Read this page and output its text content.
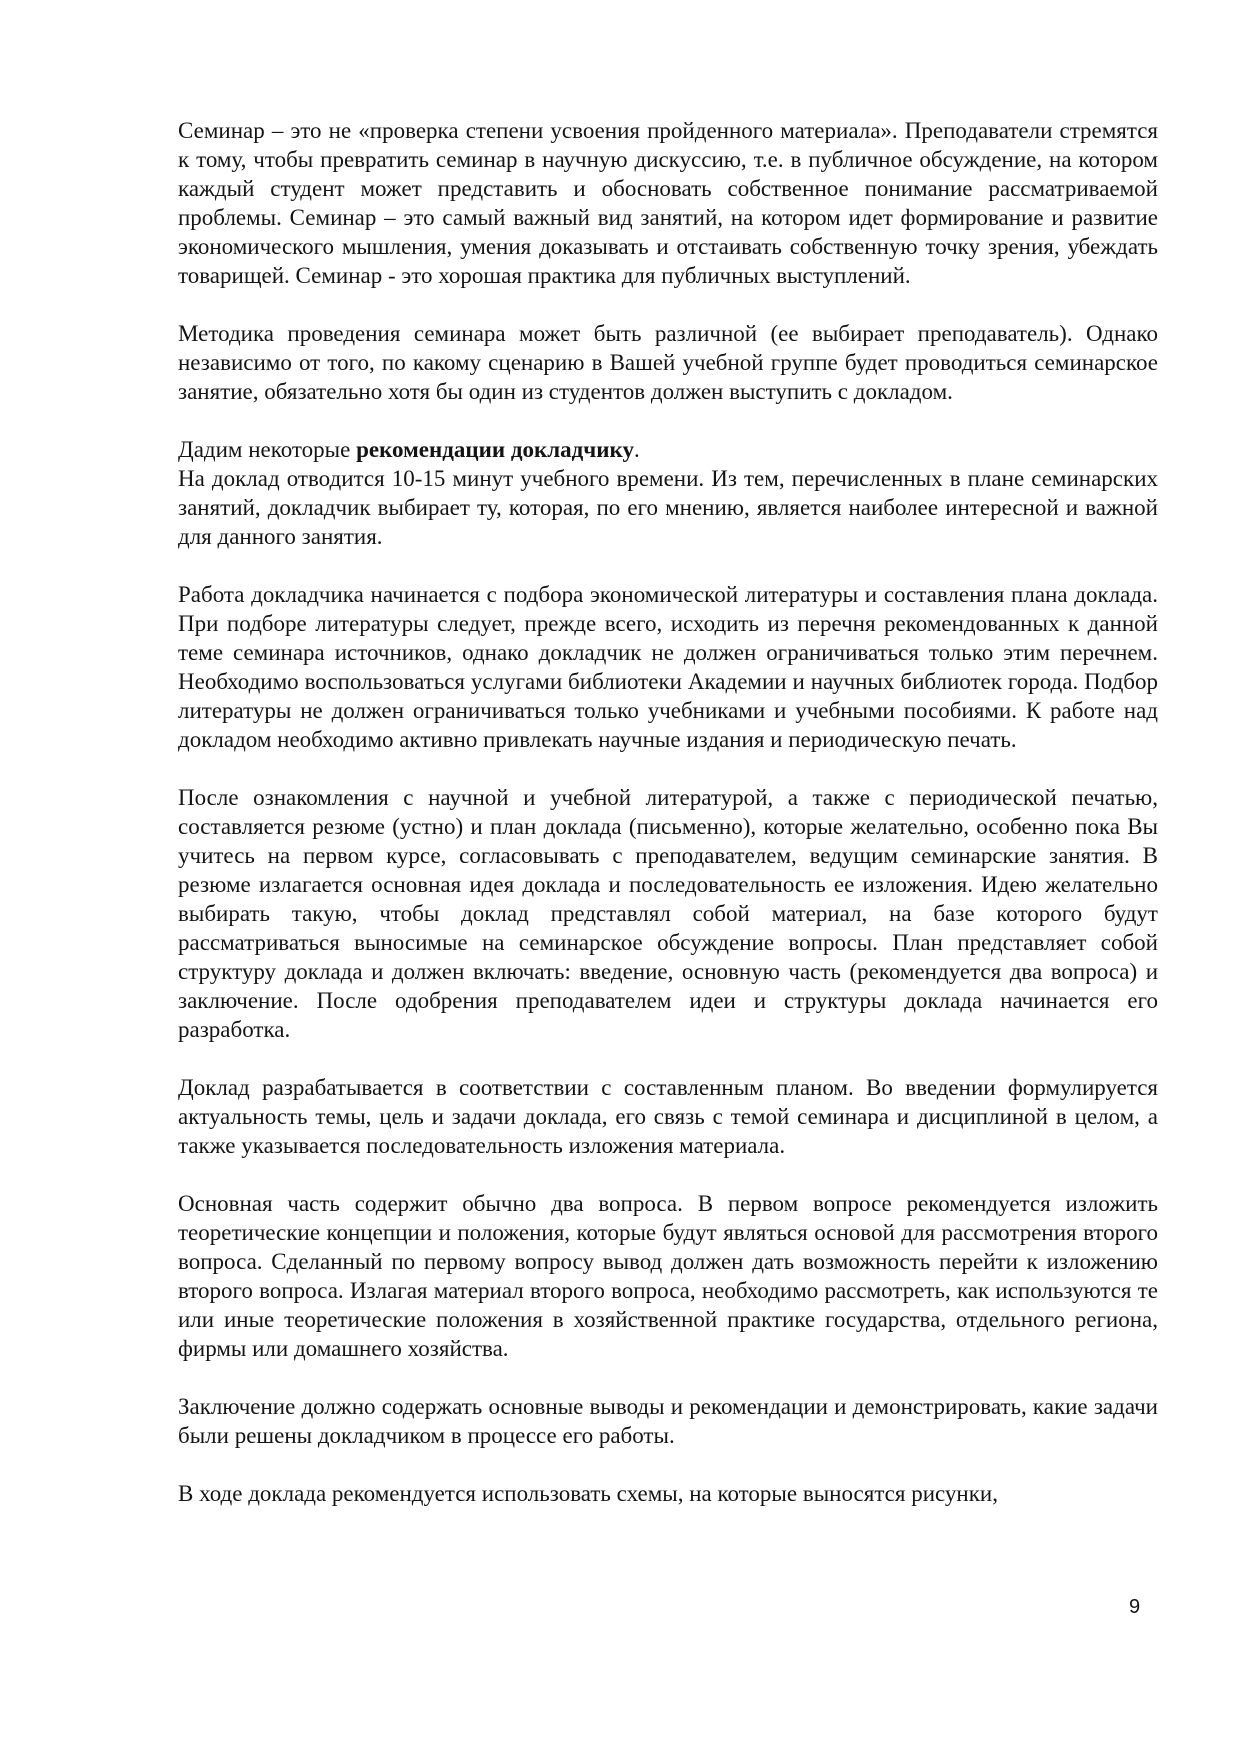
Семинар – это не «проверка степени усвоения пройденного материала». Преподаватели стремятся к тому, чтобы превратить семинар в научную дискуссию, т.е. в публичное обсуждение, на котором каждый студент может представить и обосновать собственное понимание рассматриваемой проблемы. Семинар – это самый важный вид занятий, на котором идет формирование и развитие экономического мышления, умения доказывать и отстаивать собственную точку зрения, убеждать товарищей. Семинар - это хорошая практика для публичных выступлений.

Методика проведения семинара может быть различной (ее выбирает преподаватель). Однако независимо от того, по какому сценарию в Вашей учебной группе будет проводиться семинарское занятие, обязательно хотя бы один из студентов должен выступить с докладом.

Дадим некоторые рекомендации докладчику.

На доклад отводится 10-15 минут учебного времени. Из тем, перечисленных в плане семинарских занятий, докладчик выбирает ту, которая, по его мнению, является наиболее интересной и важной для данного занятия.

Работа докладчика начинается с подбора экономической литературы и составления плана доклада. При подборе литературы следует, прежде всего, исходить из перечня рекомендованных к данной теме семинара источников, однако докладчик не должен ограничиваться только этим перечнем. Необходимо воспользоваться услугами библиотеки Академии и научных библиотек города. Подбор литературы не должен ограничиваться только учебниками и учебными пособиями. К работе над докладом необходимо активно привлекать научные издания и периодическую печать.

После ознакомления с научной и учебной литературой, а также с периодической печатью, составляется резюме (устно) и план доклада (письменно), которые желательно, особенно пока Вы учитесь на первом курсе, согласовывать с преподавателем, ведущим семинарские занятия. В резюме излагается основная идея доклада и последовательность ее изложения. Идею желательно выбирать такую, чтобы доклад представлял собой материал, на базе которого будут рассматриваться выносимые на семинарское обсуждение вопросы. План представляет собой структуру доклада и должен включать: введение, основную часть (рекомендуется два вопроса) и заключение. После одобрения преподавателем идеи и структуры доклада начинается его разработка.

Доклад разрабатывается в соответствии с составленным планом. Во введении формулируется актуальность темы, цель и задачи доклада, его связь с темой семинара и дисциплиной в целом, а также указывается последовательность изложения материала.

Основная часть содержит обычно два вопроса. В первом вопросе рекомендуется изложить теоретические концепции и положения, которые будут являться основой для рассмотрения второго вопроса. Сделанный по первому вопросу вывод должен дать возможность перейти к изложению второго вопроса. Излагая материал второго вопроса, необходимо рассмотреть, как используются те или иные теоретические положения в хозяйственной практике государства, отдельного региона, фирмы или домашнего хозяйства.

Заключение должно содержать основные выводы и рекомендации и демонстрировать, какие задачи были решены докладчиком в процессе его работы.

В ходе доклада рекомендуется использовать схемы, на которые выносятся рисунки,

9
